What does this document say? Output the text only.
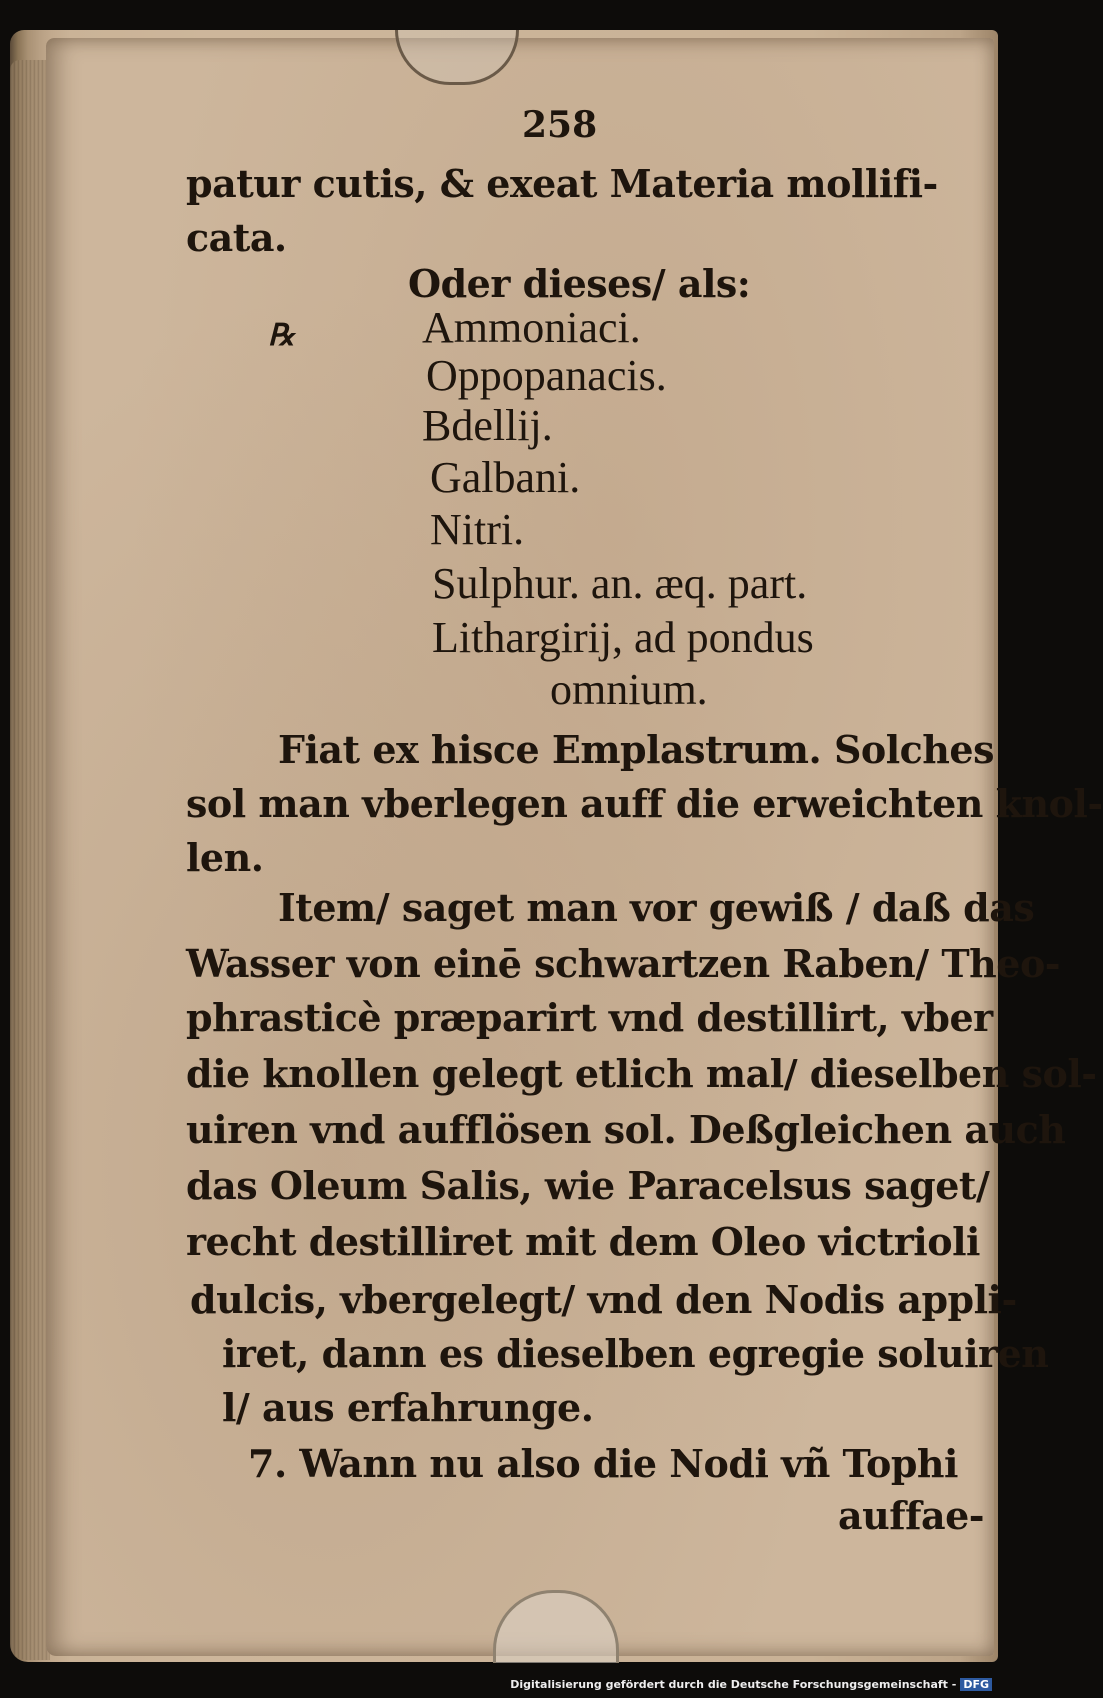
258
patur cutis, & exeat Materia mollifi-
cata.
Oder dieses/ als:
℞	Ammoniaci.
Oppopanacis.
Bdellij.
Galbani.
Nitri.
Sulphur. an. æq. part.
Lithargirij, ad pondus
omnium.
Fiat ex hisce Emplastrum. Solches
sol man vberlegen auff die erweichten knol-
len.
Item/ saget man vor gewiß / daß das
Wasser von einē schwartzen Raben/ Theo-
phrasticè præparirt vnd destillirt, vber
die knollen gelegt etlich mal/ dieselben sol-
uiren vnd aufflösen sol. Deßgleichen auch
das Oleum Salis, wie Paracelsus saget/
recht destilliret mit dem Oleo victrioli
dulcis, vbergelegt/ vnd den Nodis appli-
iret, dann es dieselben egregie soluiren
l/ aus erfahrunge.
7. Wann nu also die Nodi vñ Tophi
auffae-
Digitalisierung gefördert durch die Deutsche Forschungsgemeinschaft - DFG
